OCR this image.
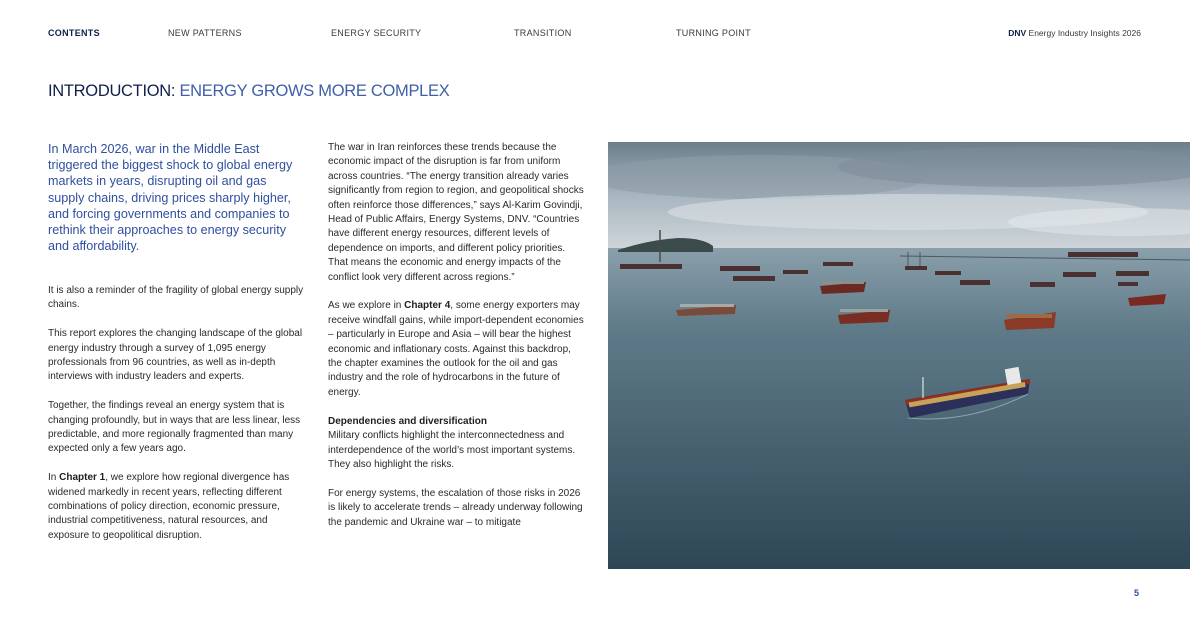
CONTENTS	NEW PATTERNS	ENERGY SECURITY	TRANSITION	TURNING POINT	DNV Energy Industry Insights 2026
INTRODUCTION: ENERGY GROWS MORE COMPLEX
In March 2026, war in the Middle East triggered the biggest shock to global energy markets in years, disrupting oil and gas supply chains, driving prices sharply higher, and forcing governments and companies to rethink their approaches to energy security and affordability.

It is also a reminder of the fragility of global energy supply chains.

This report explores the changing landscape of the global energy industry through a survey of 1,095 energy professionals from 96 countries, as well as in-depth interviews with industry leaders and experts.

Together, the findings reveal an energy system that is changing profoundly, but in ways that are less linear, less predictable, and more regionally fragmented than many expected only a few years ago.

In Chapter 1, we explore how regional divergence has widened markedly in recent years, reflecting different combinations of policy direction, economic pressure, industrial competitiveness, natural resources, and exposure to geopolitical disruption.

The war in Iran reinforces these trends because the economic impact of the disruption is far from uniform across countries. “The energy transition already varies significantly from region to region, and geopolitical shocks often reinforce those differences,” says Al-Karim Govindji, Head of Public Affairs, Energy Systems, DNV. “Countries have different energy resources, different levels of dependence on imports, and different policy priorities. That means the economic and energy impacts of the conflict look very different across regions.”

As we explore in Chapter 4, some energy exporters may receive windfall gains, while import-dependent economies – particularly in Europe and Asia – will bear the highest economic and inflationary costs. Against this backdrop, the chapter examines the outlook for the oil and gas industry and the role of hydrocarbons in the future of energy.

Dependencies and diversification
Military conflicts highlight the interconnectedness and interdependence of the world’s most important systems. They also highlight the risks.

For energy systems, the escalation of those risks in 2026 is likely to accelerate trends – already underway following the pandemic and Ukraine war – to mitigate

5
